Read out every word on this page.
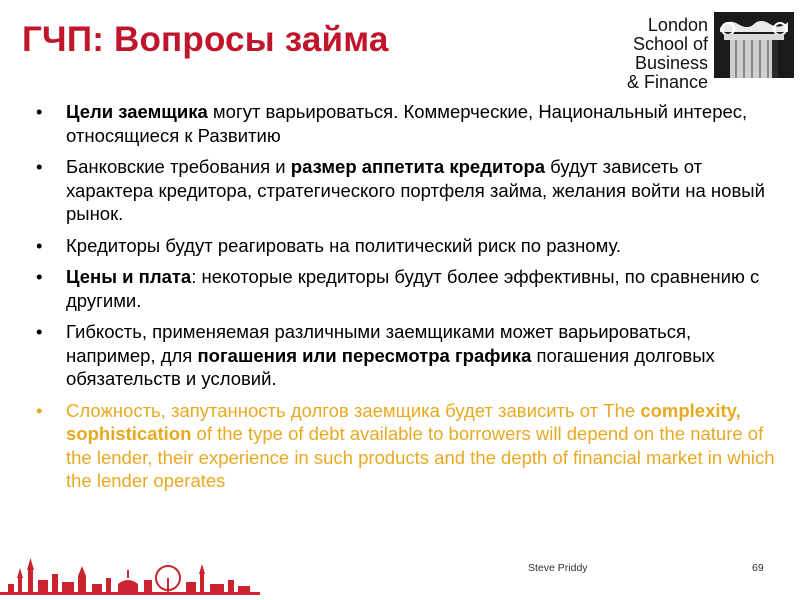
ГЧП: Вопросы займа	London
School of Business
& Finance
• Цели заемщика могут варьироваться. Коммерческие, Национальный интерес, относящиеся к Развитию
• Банковские требования и размер аппетита кредитора будут зависеть от характера кредитора, стратегического портфеля займа, желания войти на новый рынок.
• Кредиторы будут реагировать на политический риск по разному.
• Цены и плата: некоторые кредиторы будут более эффективны, по сравнению с другими.
• Гибкость, применяемая различными заемщиками может варьироваться, например, для погашения или пересмотра графика погашения долговых обязательств и условий.
• Сложность, запутанность долгов заемщика будет зависить от The complexity, sophistication of the type of debt available to borrowers will depend on the nature of the lender, their experience in such products and the depth of financial market in which the lender operates
Steve Priddy	69
